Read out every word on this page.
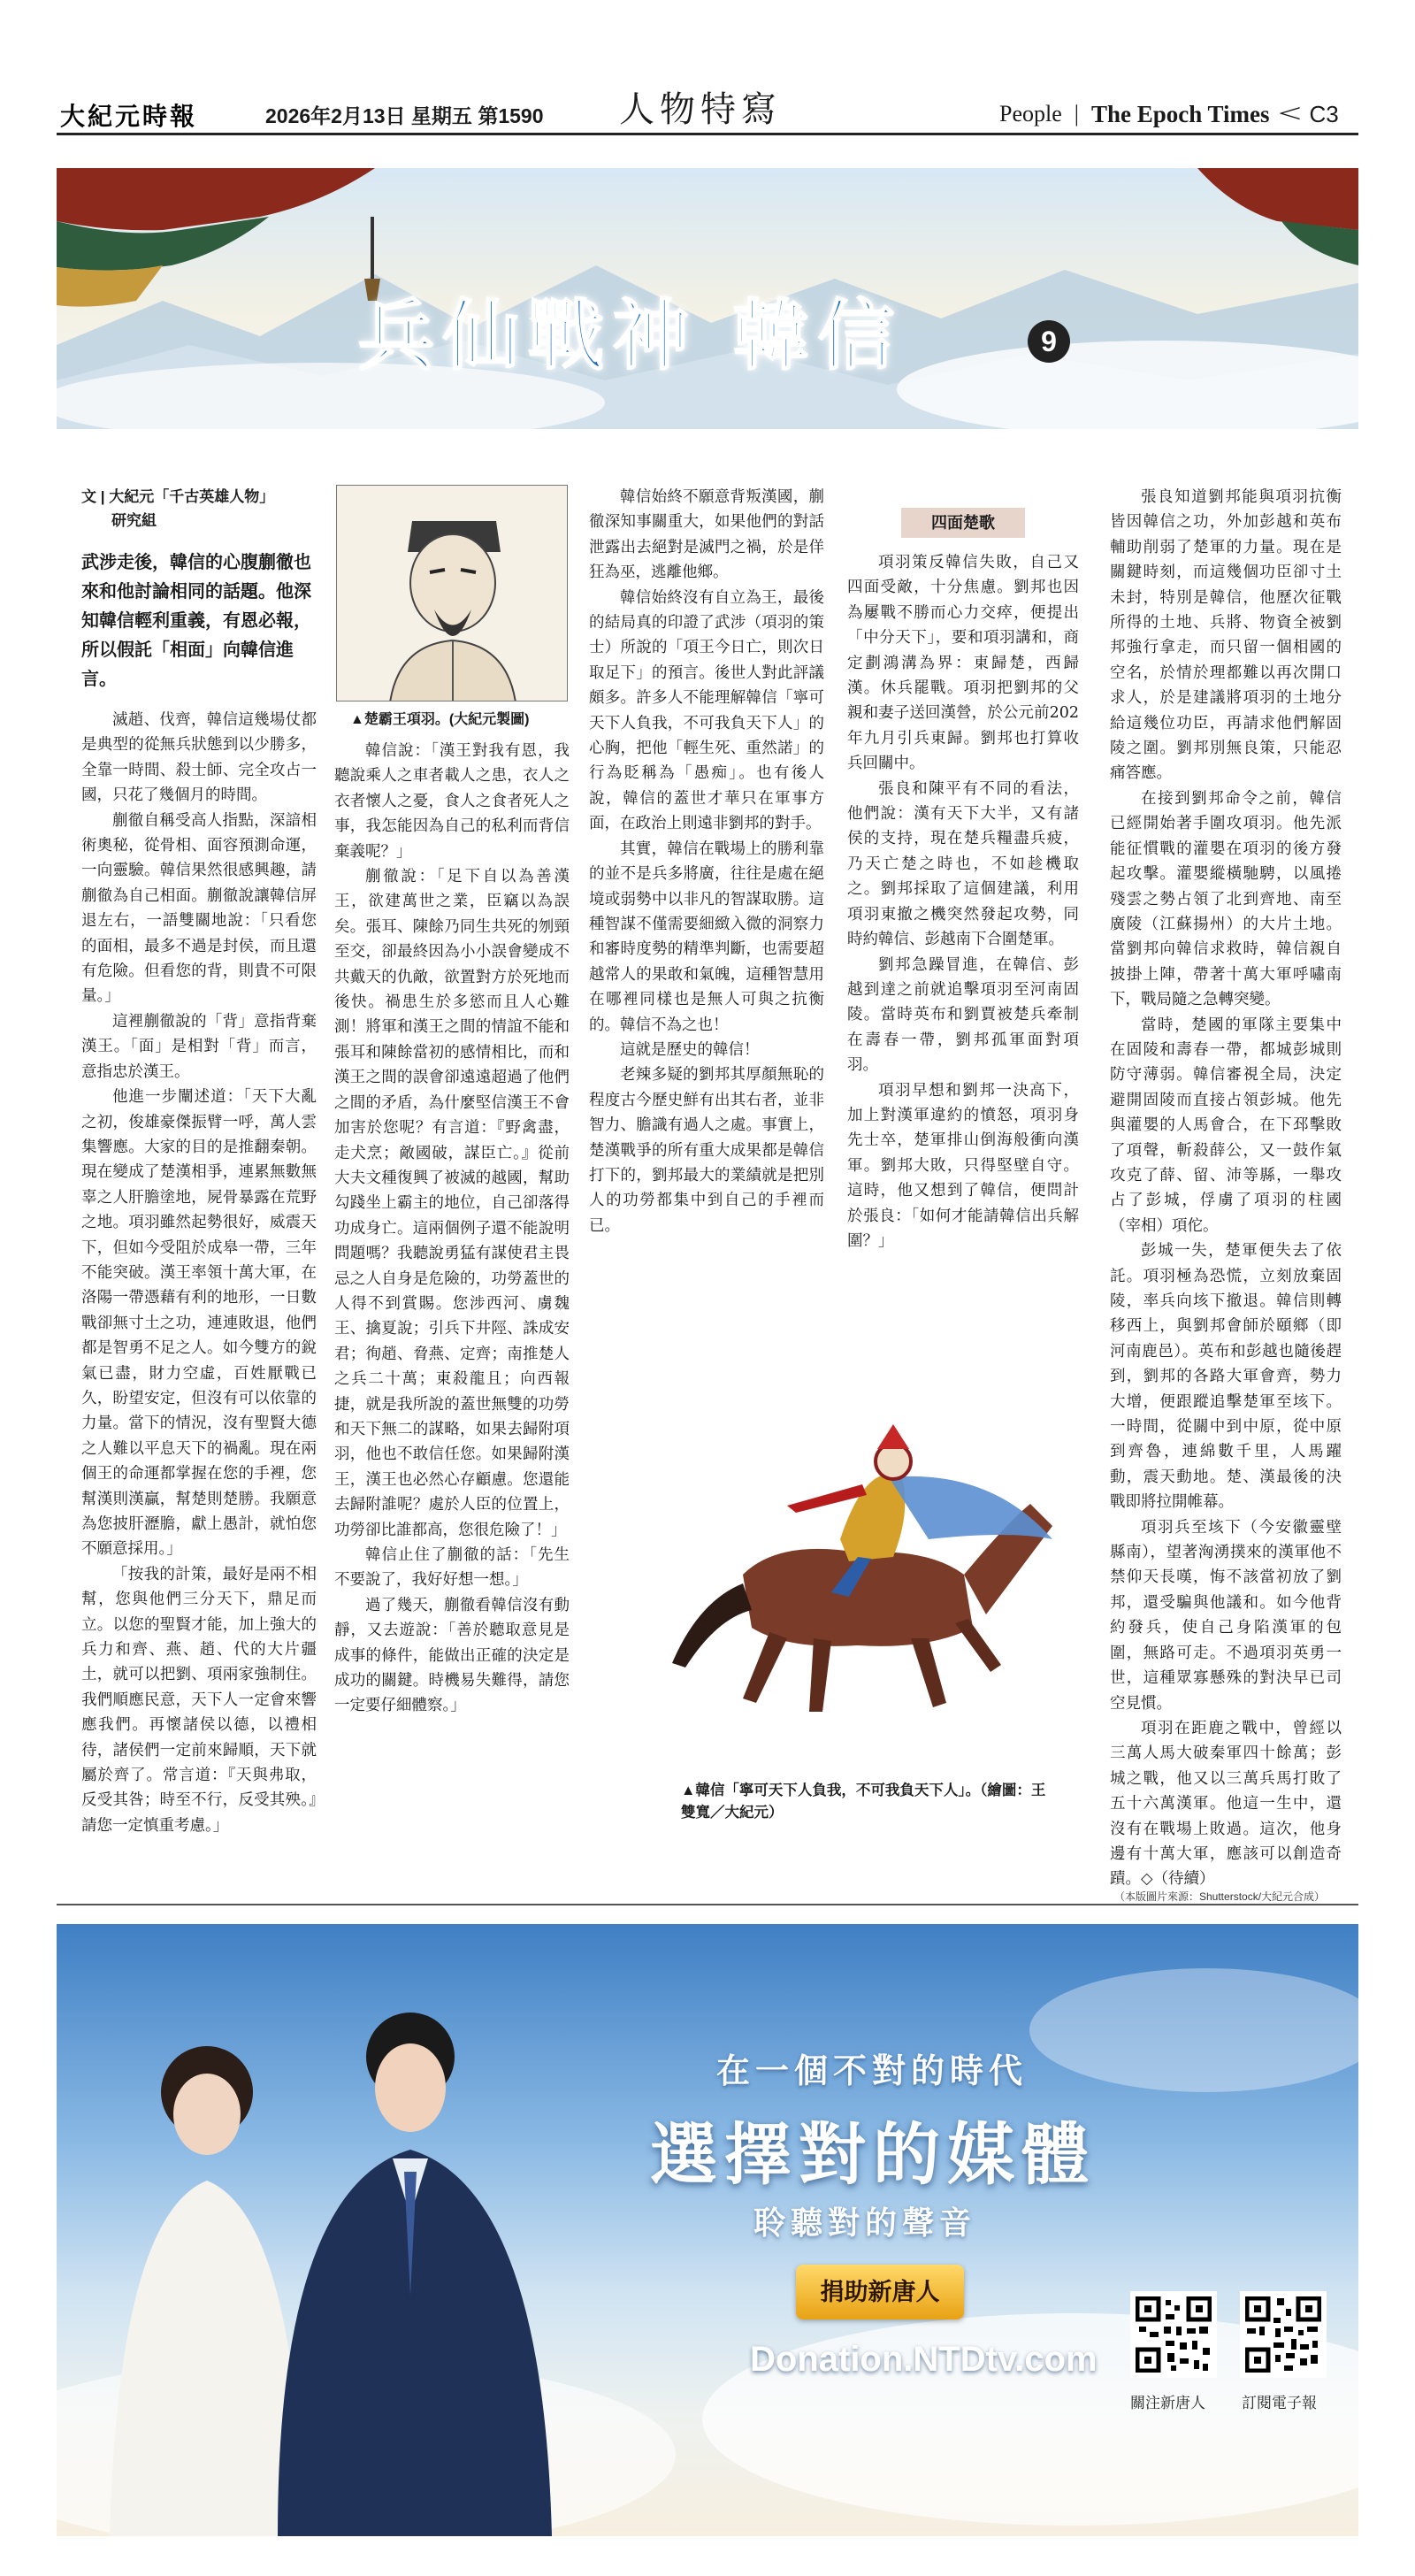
大紀元時報	2026年2月13日 星期五 第1590 人物特寫	People | The Epoch Times < C3
兵仙戰神 韓信	9
文 | 大紀元「千古英雄人物」
研究組
武涉走後，韓信的心腹蒯徹也來和他討論相同的話題。他深知韓信輕利重義，有恩必報，所以假託「相面」向韓信進言。

滅趙、伐齊，韓信這幾場仗都是典型的從無兵狀態到以少勝多，全靠一時間、殺士師、完全攻占一國，只花了幾個月的時間。

蒯徹自稱受高人指點，深諳相術奧秘，從骨相、面容預測命運，一向靈驗。韓信果然很感興趣，請蒯徹為自己相面。蒯徹說讓韓信屏退左右，一語雙關地說：「只看您的面相，最多不過是封侯，而且還有危險。但看您的背，則貴不可限量。」

這裡蒯徹說的「背」意指背棄漢王。「面」是相對「背」而言，意指忠於漢王。

他進一步闡述道：「天下大亂之初，俊雄豪傑振臂一呼，萬人雲集響應。大家的目的是推翻秦朝。現在變成了楚漢相爭，連累無數無辜之人肝膽塗地，屍骨暴露在荒野之地。項羽雖然起勢很好，威震天下，但如今受阻於成皋一帶，三年不能突破。漢王率領十萬大軍，在洛陽一帶憑藉有利的地形，一日數戰卻無寸土之功，連連敗退，他們都是智勇不足之人。如今雙方的銳氣已盡，財力空虛，百姓厭戰已久，盼望安定，但沒有可以依靠的力量。當下的情況，沒有聖賢大德之人難以平息天下的禍亂。現在兩個王的命運都掌握在您的手裡，您幫漢則漢贏，幫楚則楚勝。我願意為您披肝瀝膽，獻上愚計，就怕您不願意採用。」

「按我的計策，最好是兩不相幫，您與他們三分天下，鼎足而立。以您的聖賢才能，加上強大的兵力和齊、燕、趙、代的大片疆土，就可以把劉、項兩家強制住。我們順應民意，天下人一定會來響應我們。再懷諸侯以德，以禮相待，諸侯們一定前來歸順，天下就屬於齊了。常言道：『天與弗取，反受其咎；時至不行，反受其殃。』請您一定慎重考慮。」

▲楚霸王項羽。(大紀元製圖)

韓信說：「漢王對我有恩，我聽說乘人之車者載人之患，衣人之衣者懷人之憂，食人之食者死人之事，我怎能因為自己的私利而背信棄義呢？」

蒯徹說：「足下自以為善漢王，欲建萬世之業，臣竊以為誤矣。張耳、陳餘乃同生共死的刎頸至交，卻最終因為小小誤會變成不共戴天的仇敵，欲置對方於死地而後快。禍患生於多慾而且人心難測！將軍和漢王之間的情誼不能和張耳和陳餘當初的感情相比，而和漢王之間的誤會卻遠遠超過了他們之間的矛盾，為什麼堅信漢王不會加害於您呢？有言道：『野禽盡，走犬烹；敵國破，謀臣亡。』從前大夫文種復興了被滅的越國，幫助勾踐坐上霸主的地位，自己卻落得功成身亡。這兩個例子還不能說明問題嗎？我聽說勇猛有謀使君主畏忌之人自身是危險的，功勞蓋世的人得不到賞賜。您涉西河、虜魏王、擒夏說；引兵下井陘、誅成安君；徇趙、脅燕、定齊；南推楚人之兵二十萬；東殺龍且；向西報捷，就是我所說的蓋世無雙的功勞和天下無二的謀略，如果去歸附項羽，他也不敢信任您。如果歸附漢王，漢王也必然心存顧慮。您還能去歸附誰呢？處於人臣的位置上，功勞卻比誰都高，您很危險了！」

韓信止住了蒯徹的話：「先生不要說了，我好好想一想。」

過了幾天，蒯徹看韓信沒有動靜，又去遊說：「善於聽取意見是成事的條件，能做出正確的決定是成功的關鍵。時機易失難得，請您一定要仔細體察。」

韓信始終不願意背叛漢國，蒯徹深知事關重大，如果他們的對話泄露出去絕對是滅門之禍，於是佯狂為巫，逃離他鄉。

韓信始終沒有自立為王，最後的結局真的印證了武涉（項羽的策士）所說的「項王今日亡，則次日取足下」的預言。後世人對此評議頗多。許多人不能理解韓信「寧可天下人負我，不可我負天下人」的心胸，把他「輕生死、重然諾」的行為貶稱為「愚痴」。也有後人說，韓信的蓋世才華只在軍事方面，在政治上則遠非劉邦的對手。

其實，韓信在戰場上的勝利靠的並不是兵多將廣，往往是處在絕境或弱勢中以非凡的智謀取勝。這種智謀不僅需要細緻入微的洞察力和審時度勢的精準判斷，也需要超越常人的果敢和氣魄，這種智慧用在哪裡同樣也是無人可與之抗衡的。韓信不為之也！

這就是歷史的韓信！

老辣多疑的劉邦其厚顏無恥的程度古今歷史鮮有出其右者，並非智力、膽識有過人之處。事實上，楚漢戰爭的所有重大成果都是韓信打下的，劉邦最大的業績就是把別人的功勞都集中到自己的手裡而已。

四面楚歌

項羽策反韓信失敗，自己又四面受敵，十分焦慮。劉邦也因為屢戰不勝而心力交瘁，便提出「中分天下」，要和項羽講和，商定劃鴻溝為界：東歸楚，西歸漢。休兵罷戰。項羽把劉邦的父親和妻子送回漢營，於公元前202年九月引兵東歸。劉邦也打算收兵回關中。

張良和陳平有不同的看法，他們說：漢有天下大半，又有諸侯的支持，現在楚兵糧盡兵疲，乃天亡楚之時也，不如趁機取之。劉邦採取了這個建議，利用項羽東撤之機突然發起攻勢，同時約韓信、彭越南下合圍楚軍。

劉邦急躁冒進，在韓信、彭越到達之前就追擊項羽至河南固陵。當時英布和劉賈被楚兵牽制在壽春一帶，劉邦孤軍面對項羽。

項羽早想和劉邦一決高下，加上對漢軍違約的憤怒，項羽身先士卒，楚軍排山倒海般衝向漢軍。劉邦大敗，只得堅壁自守。這時，他又想到了韓信，便問計於張良：「如何才能請韓信出兵解圍？」

▲韓信「寧可天下人負我，不可我負天下人」。（繪圖：王雙寬／大紀元）

張良知道劉邦能與項羽抗衡皆因韓信之功，外加彭越和英布輔助削弱了楚軍的力量。現在是關鍵時刻，而這幾個功臣卻寸土未封，特別是韓信，他歷次征戰所得的土地、兵將、物資全被劉邦強行拿走，而只留一個相國的空名，於情於理都難以再次開口求人，於是建議將項羽的土地分給這幾位功臣，再請求他們解固陵之圍。劉邦別無良策，只能忍痛答應。

在接到劉邦命令之前，韓信已經開始著手圍攻項羽。他先派能征慣戰的灌嬰在項羽的後方發起攻擊。灌嬰縱橫馳騁，以風捲殘雲之勢占領了北到齊地、南至廣陵（江蘇揚州）的大片土地。當劉邦向韓信求救時，韓信親自披掛上陣，帶著十萬大軍呼嘯南下，戰局隨之急轉突變。

當時，楚國的軍隊主要集中在固陵和壽春一帶，都城彭城則防守薄弱。韓信審視全局，決定避開固陵而直接占領彭城。他先與灌嬰的人馬會合，在下邳擊敗了項聲，斬殺薛公，又一鼓作氣攻克了薛、留、沛等縣，一舉攻占了彭城，俘虜了項羽的柱國（宰相）項佗。

彭城一失，楚軍便失去了依託。項羽極為恐慌，立刻放棄固陵，率兵向垓下撤退。韓信則轉移西上，與劉邦會師於頤鄉（即河南鹿邑）。英布和彭越也隨後趕到，劉邦的各路大軍會齊，勢力大增，便跟蹤追擊楚軍至垓下。一時間，從關中到中原，從中原到齊魯，連綿數千里，人馬躍動，震天動地。楚、漢最後的決戰即將拉開帷幕。

項羽兵至垓下（今安徽靈壁縣南），望著洶湧撲來的漢軍他不禁仰天長嘆，悔不該當初放了劉邦，還受騙與他議和。如今他背約發兵，使自己身陷漢軍的包圍，無路可走。不過項羽英勇一世，這種眾寡懸殊的對決早已司空見慣。

項羽在距鹿之戰中，曾經以三萬人馬大破秦軍四十餘萬；彭城之戰，他又以三萬兵馬打敗了五十六萬漢軍。他這一生中，還沒有在戰場上敗過。這次，他身邊有十萬大軍，應該可以創造奇蹟。◇（待續）

（本版圖片來源：Shutterstock/大紀元合成）
在一個不對的時代
選擇對的媒體
聆聽對的聲音
捐助新唐人
Donation.NTDtv.com
關注新唐人 訂閱電子報
